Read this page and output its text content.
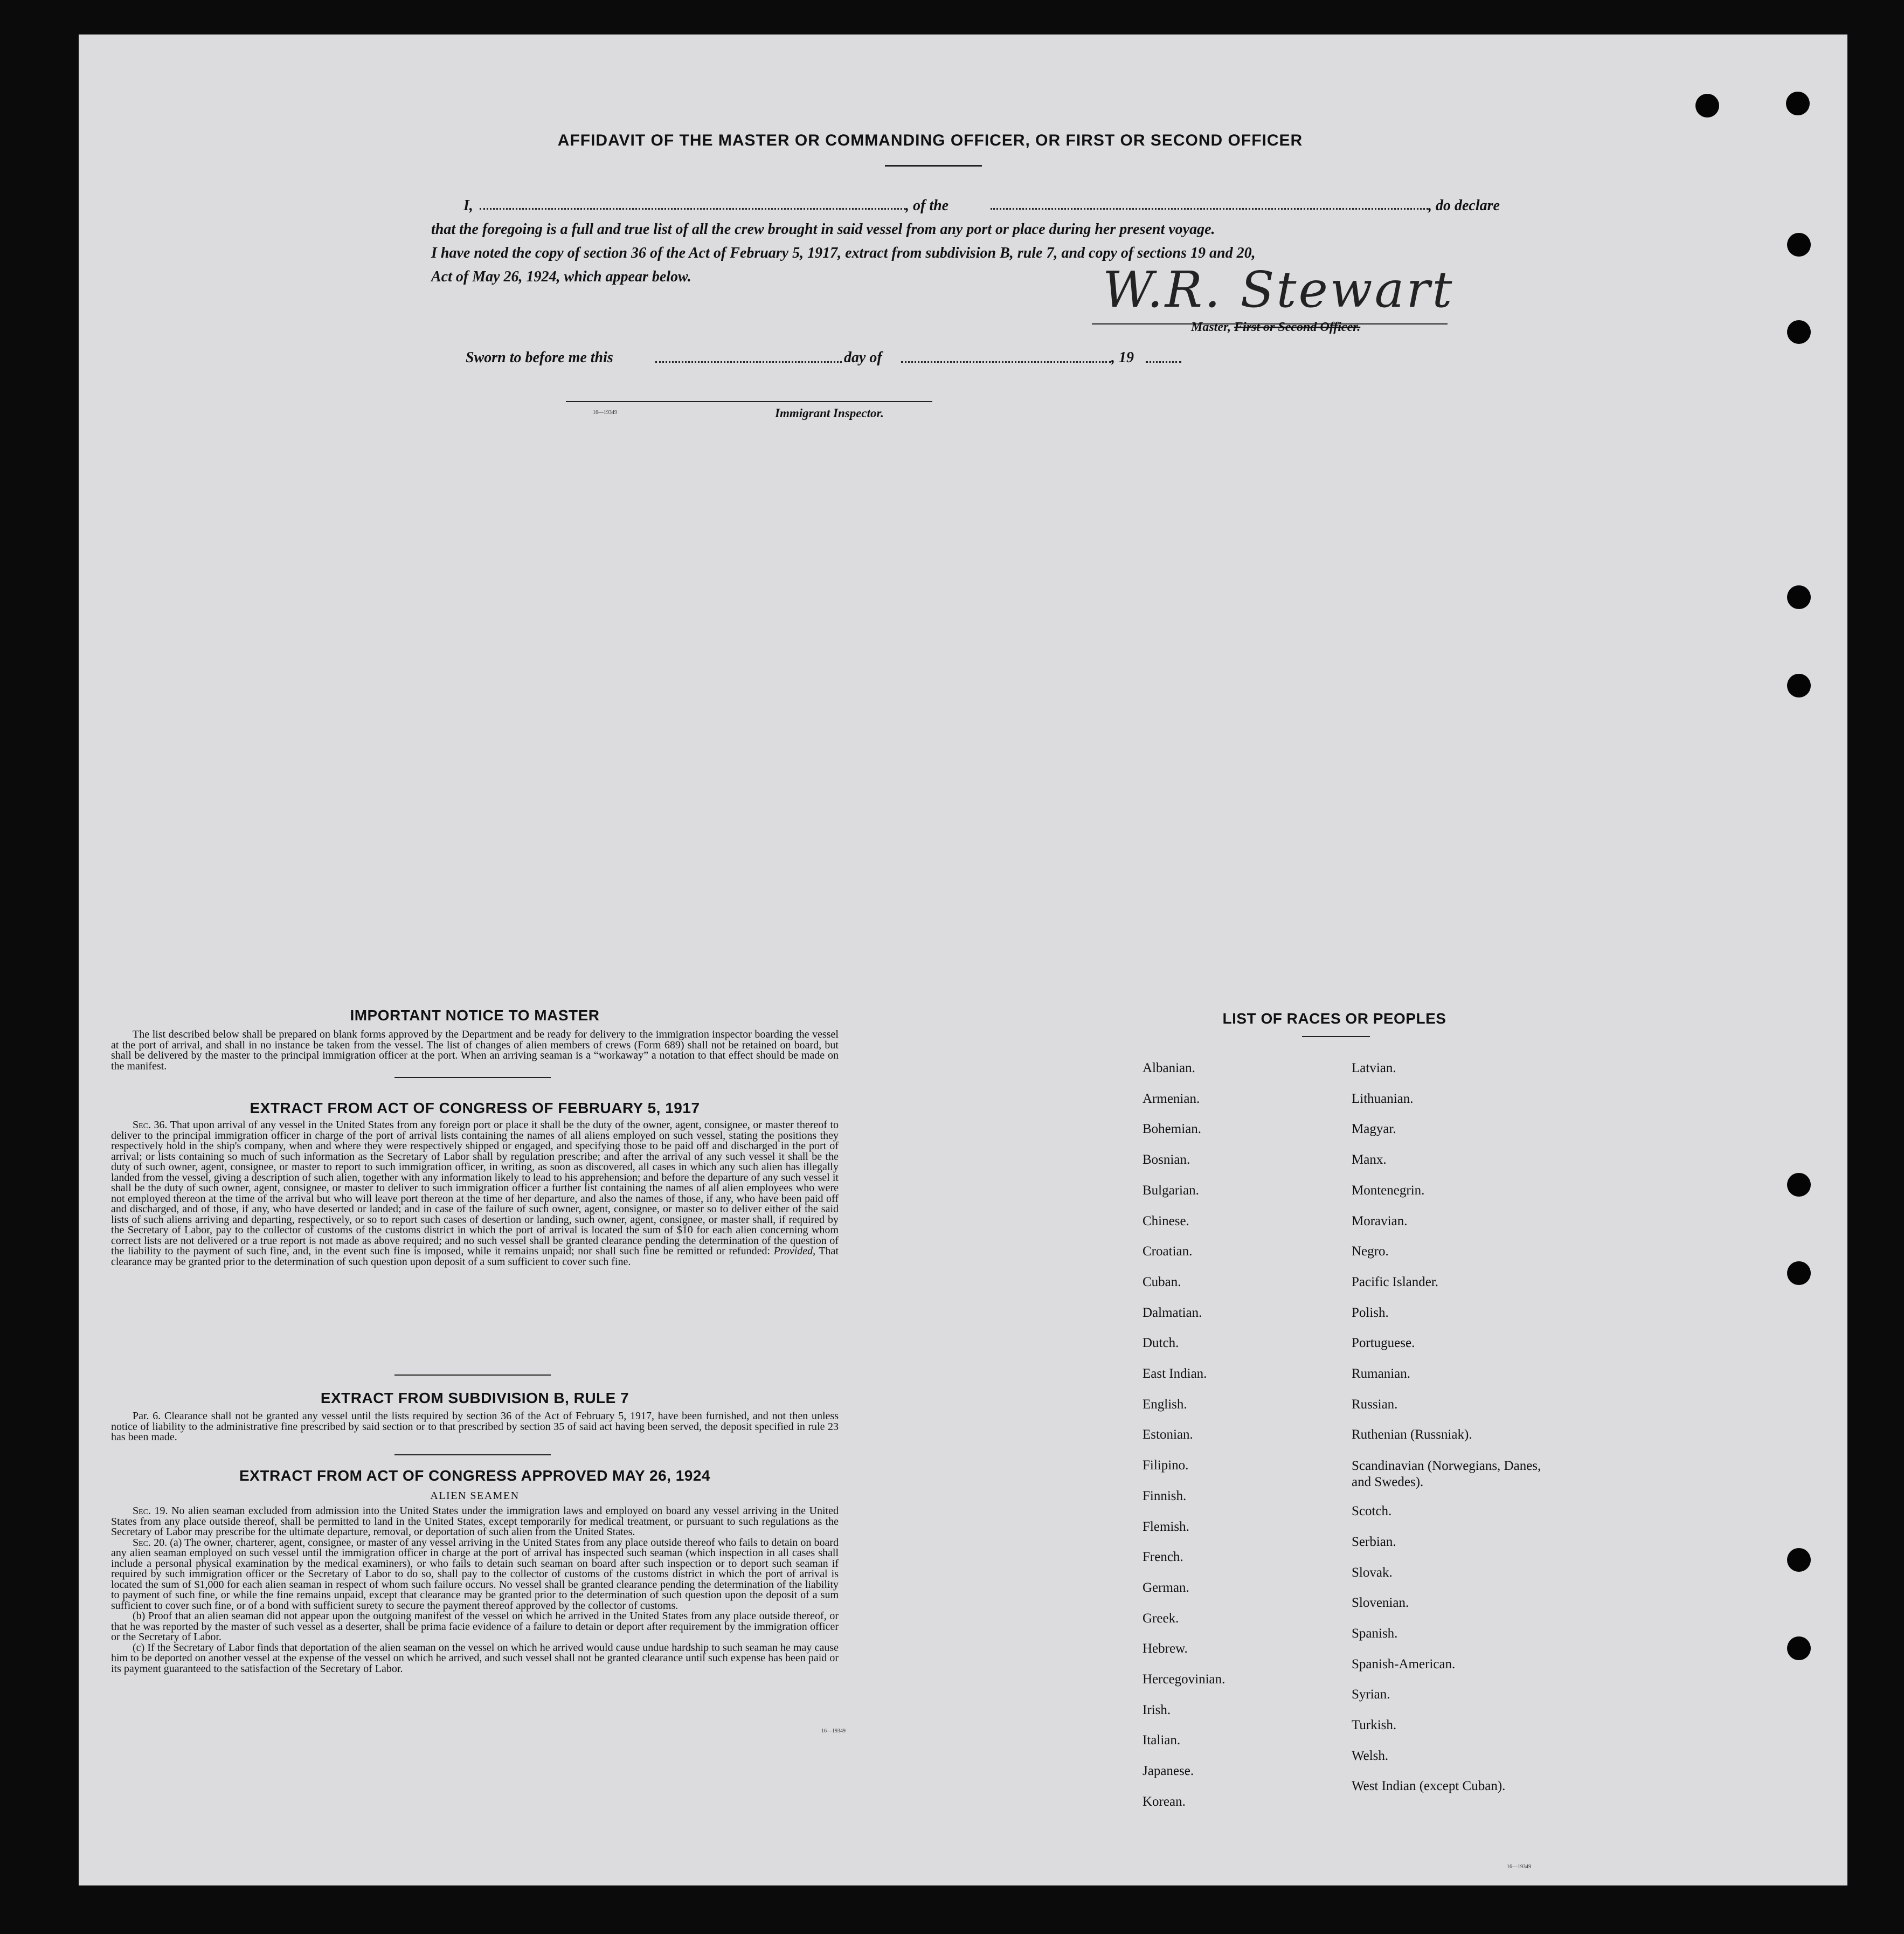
AFFIDAVIT OF THE MASTER OR COMMANDING OFFICER, OR FIRST OR SECOND OFFICER
I,	, of the	, do declare
that the foregoing is a full and true list of all the crew brought in said vessel from any port or place during her present voyage.
I have noted the copy of section 36 of the Act of February 5, 1917, extract from subdivision B, rule 7, and copy of sections 19 and 20,
Act of May 26, 1924, which appear below.	W.R. Stewart
Master, First or Second Officer.
Sworn to before me this	day of	, 19
16—19349	Immigrant Inspector.
IMPORTANT NOTICE TO MASTER
The list described below shall be prepared on blank forms approved by the Department and be ready for delivery to the immigration inspector boarding the vessel at the port of arrival, and shall in no instance be taken from the vessel. The list of changes of alien members of crews (Form 689) shall not be retained on board, but shall be delivered by the master to the principal immigration officer at the port. When an arriving seaman is a “workaway” a notation to that effect should be made on the manifest.
EXTRACT FROM ACT OF CONGRESS OF FEBRUARY 5, 1917
Sec. 36. That upon arrival of any vessel in the United States from any foreign port or place it shall be the duty of the owner, agent, consignee, or master thereof to deliver to the principal immigration officer in charge of the port of arrival lists containing the names of all aliens employed on such vessel, stating the positions they respectively hold in the ship's company, when and where they were respectively shipped or engaged, and specifying those to be paid off and discharged in the port of arrival; or lists containing so much of such information as the Secretary of Labor shall by regulation prescribe; and after the arrival of any such vessel it shall be the duty of such owner, agent, consignee, or master to report to such immigration officer, in writing, as soon as discovered, all cases in which any such alien has illegally landed from the vessel, giving a description of such alien, together with any information likely to lead to his apprehension; and before the departure of any such vessel it shall be the duty of such owner, agent, consignee, or master to deliver to such immigration officer a further list containing the names of all alien employees who were not employed thereon at the time of the arrival but who will leave port thereon at the time of her departure, and also the names of those, if any, who have been paid off and discharged, and of those, if any, who have deserted or landed; and in case of the failure of such owner, agent, consignee, or master so to deliver either of the said lists of such aliens arriving and departing, respectively, or so to report such cases of desertion or landing, such owner, agent, consignee, or master shall, if required by the Secretary of Labor, pay to the collector of customs of the customs district in which the port of arrival is located the sum of $10 for each alien concerning whom correct lists are not delivered or a true report is not made as above required; and no such vessel shall be granted clearance pending the determination of the question of the liability to the payment of such fine, and, in the event such fine is imposed, while it remains unpaid; nor shall such fine be remitted or refunded: Provided, That clearance may be granted prior to the determination of such question upon deposit of a sum sufficient to cover such fine.
EXTRACT FROM SUBDIVISION B, RULE 7
Par. 6. Clearance shall not be granted any vessel until the lists required by section 36 of the Act of February 5, 1917, have been furnished, and not then unless notice of liability to the administrative fine prescribed by said section or to that prescribed by section 35 of said act having been served, the deposit specified in rule 23 has been made.
EXTRACT FROM ACT OF CONGRESS APPROVED MAY 26, 1924
ALIEN SEAMEN
Sec. 19. No alien seaman excluded from admission into the United States under the immigration laws and employed on board any vessel arriving in the United States from any place outside thereof, shall be permitted to land in the United States, except temporarily for medical treatment, or pursuant to such regulations as the Secretary of Labor may prescribe for the ultimate departure, removal, or deportation of such alien from the United States.
Sec. 20. (a) The owner, charterer, agent, consignee, or master of any vessel arriving in the United States from any place outside thereof who fails to detain on board any alien seaman employed on such vessel until the immigration officer in charge at the port of arrival has inspected such seaman (which inspection in all cases shall include a personal physical examination by the medical examiners), or who fails to detain such seaman on board after such inspection or to deport such seaman if required by such immigration officer or the Secretary of Labor to do so, shall pay to the collector of customs of the customs district in which the port of arrival is located the sum of $1,000 for each alien seaman in respect of whom such failure occurs. No vessel shall be granted clearance pending the determination of the liability to payment of such fine, or while the fine remains unpaid, except that clearance may be granted prior to the determination of such question upon the deposit of a sum sufficient to cover such fine, or of a bond with sufficient surety to secure the payment thereof approved by the collector of customs.
(b) Proof that an alien seaman did not appear upon the outgoing manifest of the vessel on which he arrived in the United States from any place outside thereof, or that he was reported by the master of such vessel as a deserter, shall be prima facie evidence of a failure to detain or deport after requirement by the immigration officer or the Secretary of Labor.
(c) If the Secretary of Labor finds that deportation of the alien seaman on the vessel on which he arrived would cause undue hardship to such seaman he may cause him to be deported on another vessel at the expense of the vessel on which he arrived, and such vessel shall not be granted clearance until such expense has been paid or its payment guaranteed to the satisfaction of the Secretary of Labor.
16—19349
LIST OF RACES OR PEOPLES
Albanian.
Armenian.
Bohemian.
Bosnian.
Bulgarian.
Chinese.
Croatian.
Cuban.
Dalmatian.
Dutch.
East Indian.
English.
Estonian.
Filipino.
Finnish.
Flemish.
French.
German.
Greek.
Hebrew.
Hercegovinian.
Irish.
Italian.
Japanese.
Korean.
Latvian.
Lithuanian.
Magyar.
Manx.
Montenegrin.
Moravian.
Negro.
Pacific Islander.
Polish.
Portuguese.
Rumanian.
Russian.
Ruthenian (Russniak).
Scandinavian (Norwegians, Danes, and Swedes).
Scotch.
Serbian.
Slovak.
Slovenian.
Spanish.
Spanish-American.
Syrian.
Turkish.
Welsh.
West Indian (except Cuban).
16—19349
